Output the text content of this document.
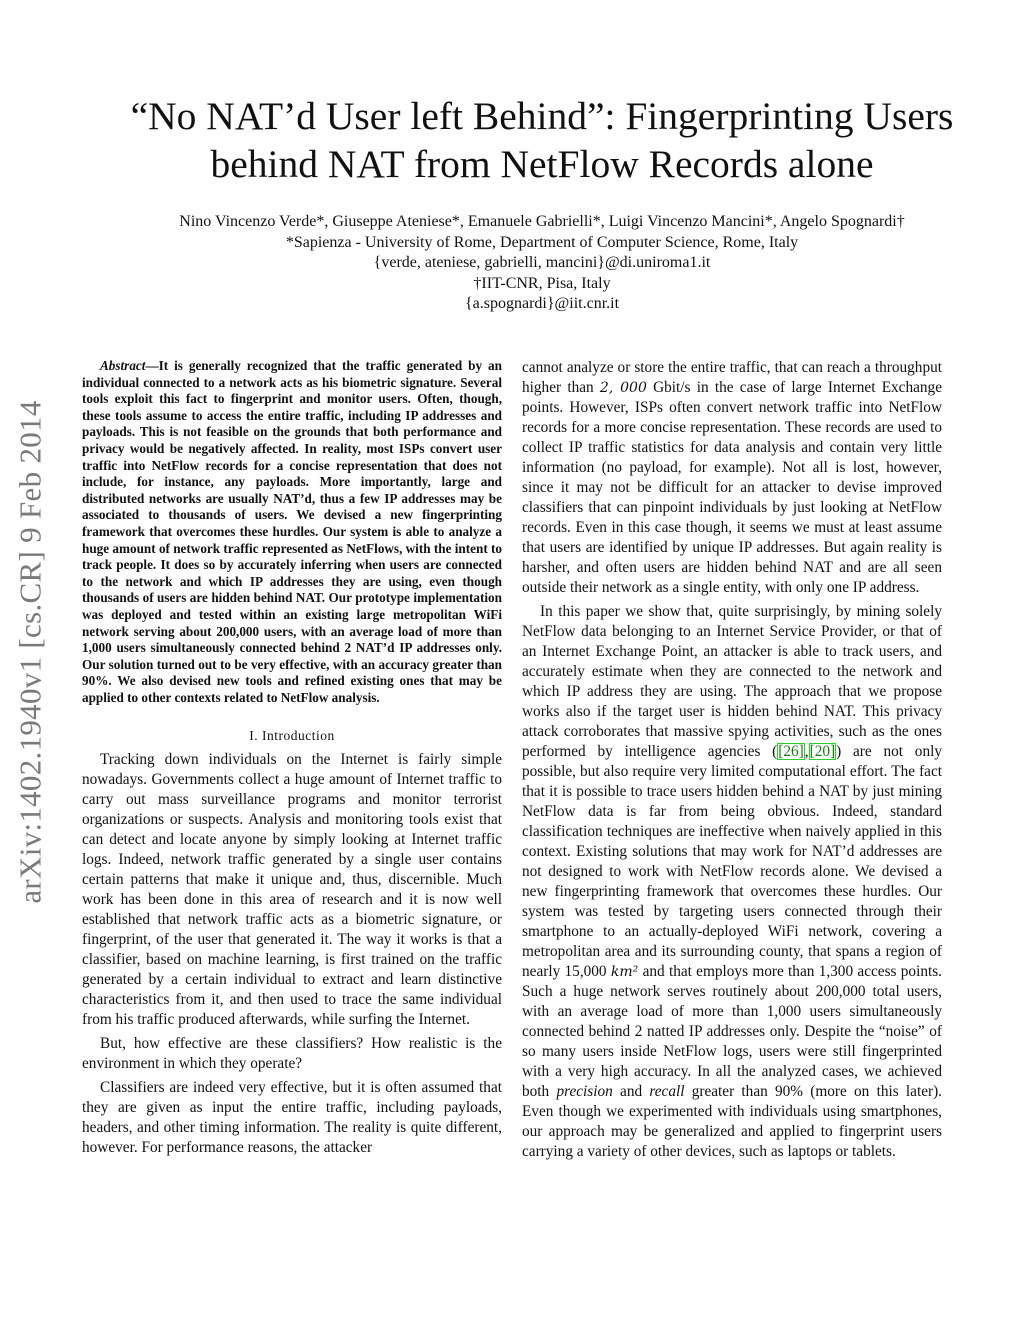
arXiv:1402.1940v1 [cs.CR] 9 Feb 2014
“No NAT’d User left Behind”: Fingerprinting Users
behind NAT from NetFlow Records alone
Nino Vincenzo Verde*, Giuseppe Ateniese*, Emanuele Gabrielli*, Luigi Vincenzo Mancini*, Angelo Spognardi†
*Sapienza - University of Rome, Department of Computer Science, Rome, Italy
{verde, ateniese, gabrielli, mancini}@di.uniroma1.it
†IIT-CNR, Pisa, Italy
{a.spognardi}@iit.cnr.it

Abstract—It is generally recognized that the traffic generated by an individual connected to a network acts as his biometric signature. Several tools exploit this fact to fingerprint and monitor users. Often, though, these tools assume to access the entire traffic, including IP addresses and payloads. This is not feasible on the grounds that both performance and privacy would be negatively affected. In reality, most ISPs convert user traffic into NetFlow records for a concise representation that does not include, for instance, any payloads. More importantly, large and distributed networks are usually NAT’d, thus a few IP addresses may be associated to thousands of users. We devised a new fingerprinting framework that overcomes these hurdles. Our system is able to analyze a huge amount of network traffic represented as NetFlows, with the intent to track people. It does so by accurately inferring when users are connected to the network and which IP addresses they are using, even though thousands of users are hidden behind NAT. Our prototype implementation was deployed and tested within an existing large metropolitan WiFi network serving about 200,000 users, with an average load of more than 1,000 users simultaneously connected behind 2 NAT’d IP addresses only. Our solution turned out to be very effective, with an accuracy greater than 90%. We also devised new tools and refined existing ones that may be applied to other contexts related to NetFlow analysis.

I. Introduction

Tracking down individuals on the Internet is fairly simple nowadays. Governments collect a huge amount of Internet traffic to carry out mass surveillance programs and monitor terrorist organizations or suspects. Analysis and monitoring tools exist that can detect and locate anyone by simply looking at Internet traffic logs. Indeed, network traffic generated by a single user contains certain patterns that make it unique and, thus, discernible. Much work has been done in this area of research and it is now well established that network traffic acts as a biometric signature, or fingerprint, of the user that generated it. The way it works is that a classifier, based on machine learning, is first trained on the traffic generated by a certain individual to extract and learn distinctive characteristics from it, and then used to trace the same individual from his traffic produced afterwards, while surfing the Internet.

But, how effective are these classifiers? How realistic is the environment in which they operate?

Classifiers are indeed very effective, but it is often assumed that they are given as input the entire traffic, including payloads, headers, and other timing information. The reality is quite different, however. For performance reasons, the attacker

cannot analyze or store the entire traffic, that can reach a throughput higher than 2, 000 Gbit/s in the case of large Internet Exchange points. However, ISPs often convert network traffic into NetFlow records for a more concise representation. These records are used to collect IP traffic statistics for data analysis and contain very little information (no payload, for example). Not all is lost, however, since it may not be difficult for an attacker to devise improved classifiers that can pinpoint individuals by just looking at NetFlow records. Even in this case though, it seems we must at least assume that users are identified by unique IP addresses. But again reality is harsher, and often users are hidden behind NAT and are all seen outside their network as a single entity, with only one IP address.

In this paper we show that, quite surprisingly, by mining solely NetFlow data belonging to an Internet Service Provider, or that of an Internet Exchange Point, an attacker is able to track users, and accurately estimate when they are connected to the network and which IP address they are using. The approach that we propose works also if the target user is hidden behind NAT. This privacy attack corroborates that massive spying activities, such as the ones performed by intelligence agencies ([26],[20]) are not only possible, but also require very limited computational effort. The fact that it is possible to trace users hidden behind a NAT by just mining NetFlow data is far from being obvious. Indeed, standard classification techniques are ineffective when naively applied in this context. Existing solutions that may work for NAT’d addresses are not designed to work with NetFlow records alone. We devised a new fingerprinting framework that overcomes these hurdles. Our system was tested by targeting users connected through their smartphone to an actually-deployed WiFi network, covering a metropolitan area and its surrounding county, that spans a region of nearly 15,000 km² and that employs more than 1,300 access points. Such a huge network serves routinely about 200,000 total users, with an average load of more than 1,000 users simultaneously connected behind 2 natted IP addresses only. Despite the “noise” of so many users inside NetFlow logs, users were still fingerprinted with a very high accuracy. In all the analyzed cases, we achieved both precision and recall greater than 90% (more on this later). Even though we experimented with individuals using smartphones, our approach may be generalized and applied to fingerprint users carrying a variety of other devices, such as laptops or tablets.
